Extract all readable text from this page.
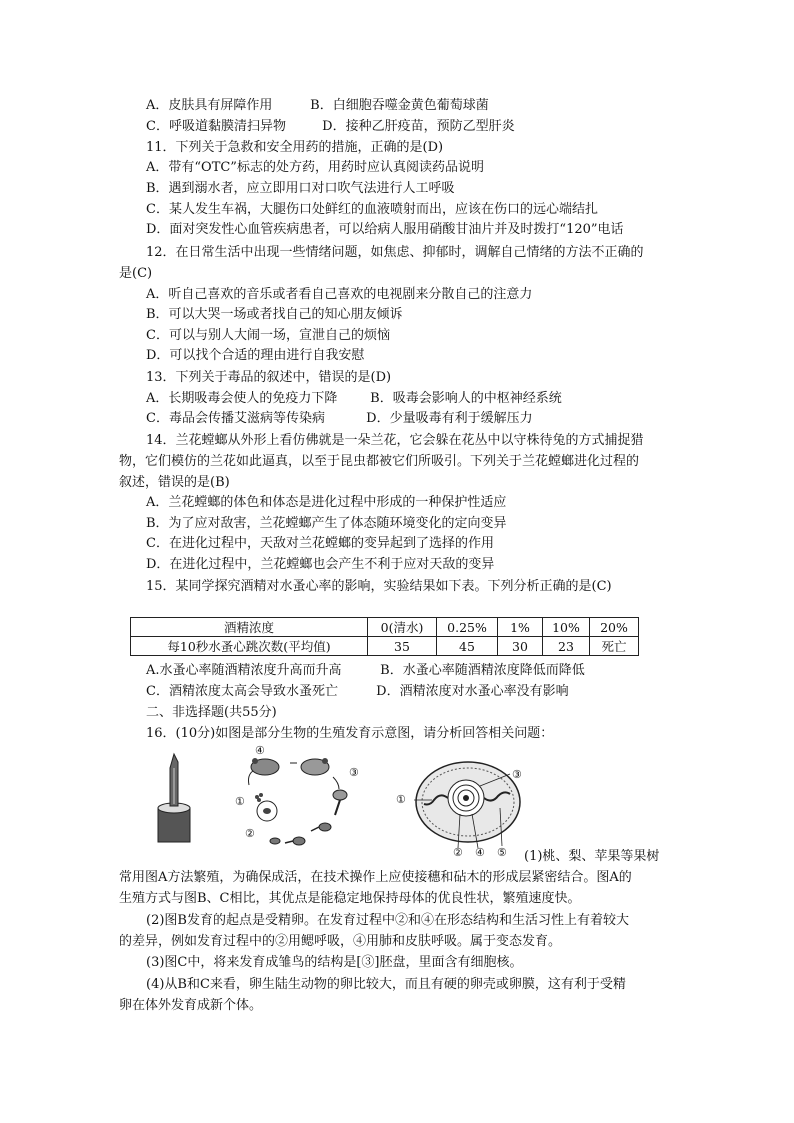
A．皮肤具有屏障作用	B．白细胞吞噬金黄色葡萄球菌
C．呼吸道黏膜清扫异物	D．接种乙肝疫苗，预防乙型肝炎
11．下列关于急救和安全用药的措施，正确的是(D)
A．带有“OTC”标志的处方药，用药时应认真阅读药品说明
B．遇到溺水者，应立即用口对口吹气法进行人工呼吸
C．某人发生车祸，大腿伤口处鲜红的血液喷射而出，应该在伤口的远心端结扎
D．面对突发性心血管疾病患者，可以给病人服用硝酸甘油片并及时拨打“120”电话
12．在日常生活中出现一些情绪问题，如焦虑、抑郁时，调解自己情绪的方法不正确的
是(C)
A．听自己喜欢的音乐或者看自己喜欢的电视剧来分散自己的注意力
B．可以大哭一场或者找自己的知心朋友倾诉
C．可以与别人大闹一场，宣泄自己的烦恼
D．可以找个合适的理由进行自我安慰
13．下列关于毒品的叙述中，错误的是(D)
A．长期吸毒会使人的免疫力下降	B．吸毒会影响人的中枢神经系统
C．毒品会传播艾滋病等传染病	D．少量吸毒有利于缓解压力
14．兰花螳螂从外形上看仿佛就是一朵兰花，它会躲在花丛中以守株待兔的方式捕捉猎
物，它们模仿的兰花如此逼真，以至于昆虫都被它们所吸引。下列关于兰花螳螂进化过程的
叙述，错误的是(B)
A．兰花螳螂的体色和体态是进化过程中形成的一种保护性适应
B．为了应对敌害，兰花螳螂产生了体态随环境变化的定向变异
C．在进化过程中，天敌对兰花螳螂的变异起到了选择的作用
D．在进化过程中，兰花螳螂也会产生不利于应对天敌的变异
15．某同学探究酒精对水蚤心率的影响，实验结果如下表。下列分析正确的是(C)
酒精浓度	0(清水)	0.25%	1%	10%	20%
每10秒水蚤心跳次数(平均值)	35	45	30	23	死亡
A.水蚤心率随酒精浓度升高而升高	B．水蚤心率随酒精浓度降低而降低
C．酒精浓度太高会导致水蚤死亡	D．酒精浓度对水蚤心率没有影响
二、非选择题(共55分)
16．(10分)如图是部分生物的生殖发育示意图，请分析回答相关问题：
④
③
①
②
①
②
③
④ ⑤ (1)桃、梨、苹果等果树
常用图A方法繁殖，为确保成活，在技术操作上应使接穗和砧木的形成层紧密结合。图A的
生殖方式与图B、C相比，其优点是能稳定地保持母体的优良性状，繁殖速度快。
(2)图B发育的起点是受精卵。在发育过程中②和④在形态结构和生活习性上有着较大
的差异，例如发育过程中的②用鳃呼吸，④用肺和皮肤呼吸。属于变态发育。
(3)图C中，将来发育成雏鸟的结构是[③]胚盘，里面含有细胞核。
(4)从B和C来看，卵生陆生动物的卵比较大，而且有硬的卵壳或卵膜，这有利于受精
卵在体外发育成新个体。
